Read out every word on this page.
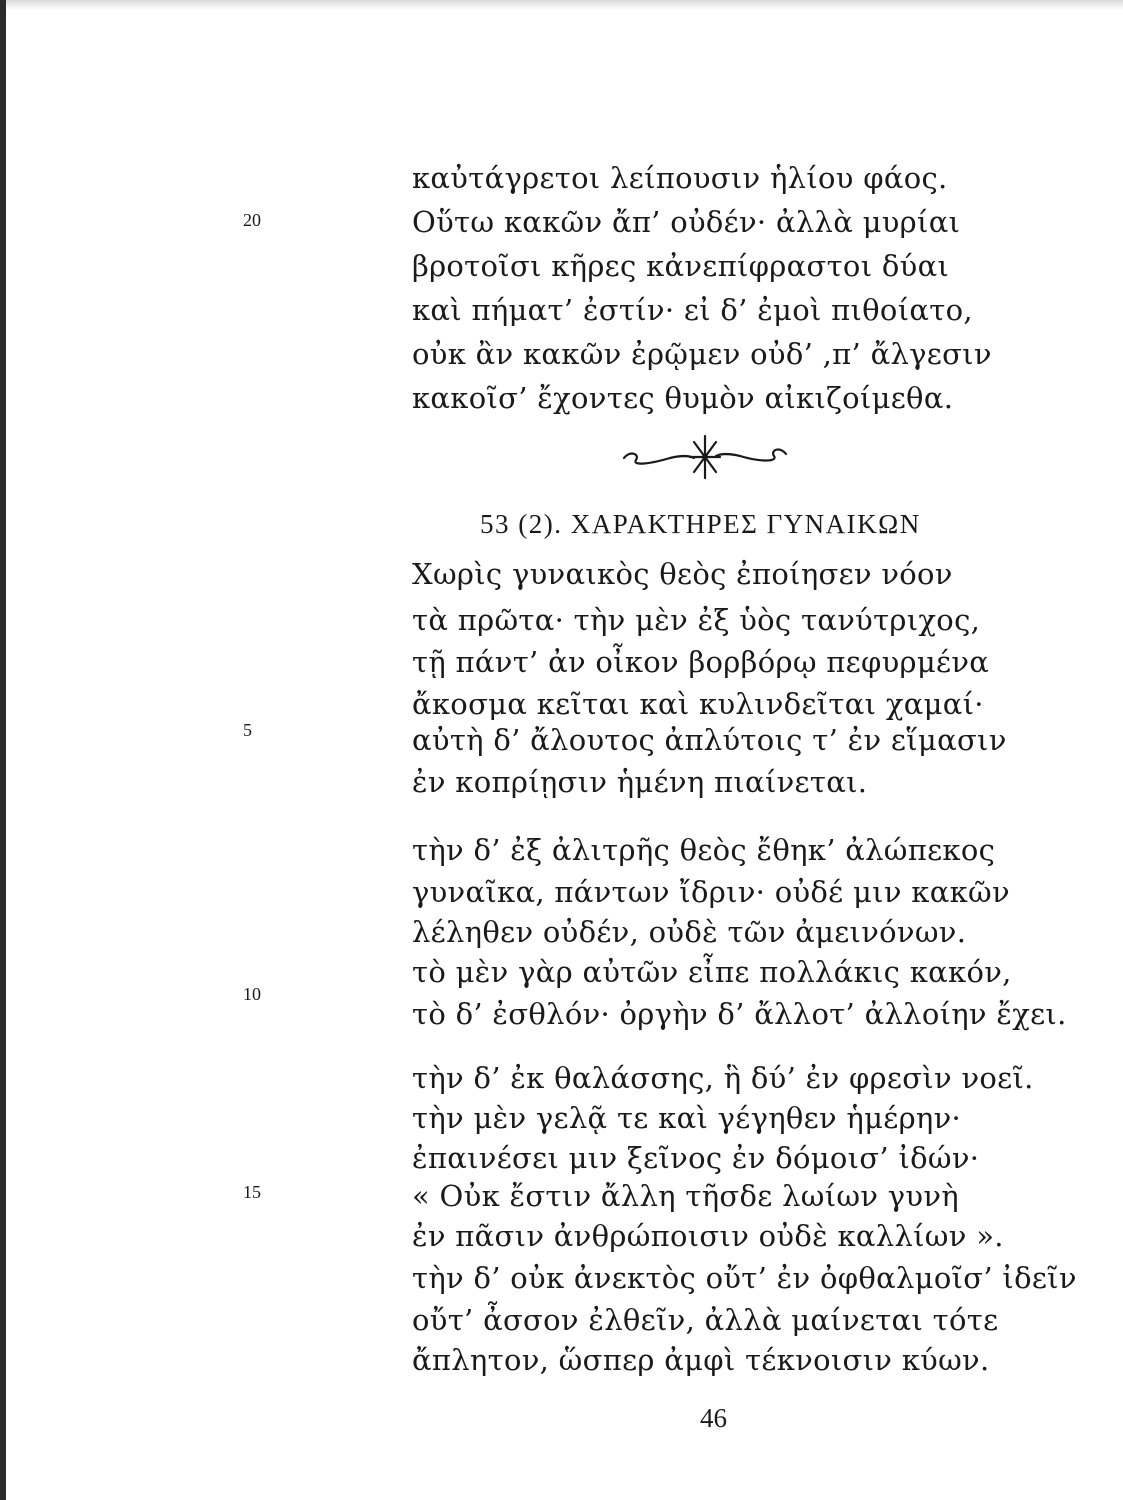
καὐτάγρετοι λείπουσιν ἡλίου φάος.
20	Οὕτω κακῶν ἄπ’ οὐδέν· ἀλλὰ μυρίαι
βροτοῖσι κῆρες κἀνεπίφραστοι δύαι
καὶ πήματ’ ἐστίν· εἰ δ’ ἐμοὶ πιθοίατο,
οὐκ ἂν κακῶν ἐρῷμεν οὐδ’ ,π’ ἄλγεσιν
κακοῖσ’ ἔχοντες θυμὸν αἰκιζοίμεθα.
53 (2). ΧΑΡΑΚΤΗΡΕΣ ΓΥΝΑΙΚΩΝ
Χωρὶς γυναικὸς θεὸς ἐποίησεν νόον
τὰ πρῶτα· τὴν μὲν ἐξ ὑὸς τανύτριχος,
τῇ πάντ’ ἀν οἶκον βορβόρῳ πεφυρμένα
ἄκοσμα κεῖται καὶ κυλινδεῖται χαμαί·
5	αὐτὴ δ’ ἄλουτος ἀπλύτοις τ’ ἐν εἵμασιν
ἐν κοπρίῃσιν ἡμένη πιαίνεται.
τὴν δ’ ἐξ ἀλιτρῆς θεὸς ἔθηκ’ ἀλώπεκος
γυναῖκα, πάντων ἴδριν· οὐδέ μιν κακῶν
λέληθεν οὐδέν, οὐδὲ τῶν ἀμεινόνων.
τὸ μὲν γὰρ αὐτῶν εἶπε πολλάκις κακόν,
10
τὸ δ’ ἐσθλόν· ὀργὴν δ’ ἄλλοτ’ ἀλλοίην ἔχει.
τὴν δ’ ἐκ θαλάσσης, ἣ δύ’ ἐν φρεσὶν νοεῖ.
τὴν μὲν γελᾷ τε καὶ γέγηθεν ἡμέρην·
ἐπαινέσει μιν ξεῖνος ἐν δόμοισ’ ἰδών·
15	« Οὐκ ἔστιν ἄλλη τῆσδε λωίων γυνὴ
ἐν πᾶσιν ἀνθρώποισιν οὐδὲ καλλίων ».
τὴν δ’ οὐκ ἀνεκτὸς οὔτ’ ἐν ὀφθαλμοῖσ’ ἰδεῖν
οὔτ’ ἆσσον ἐλθεῖν, ἀλλὰ μαίνεται τότε
ἄπλητον, ὥσπερ ἀμφὶ τέκνοισιν κύων.
46
